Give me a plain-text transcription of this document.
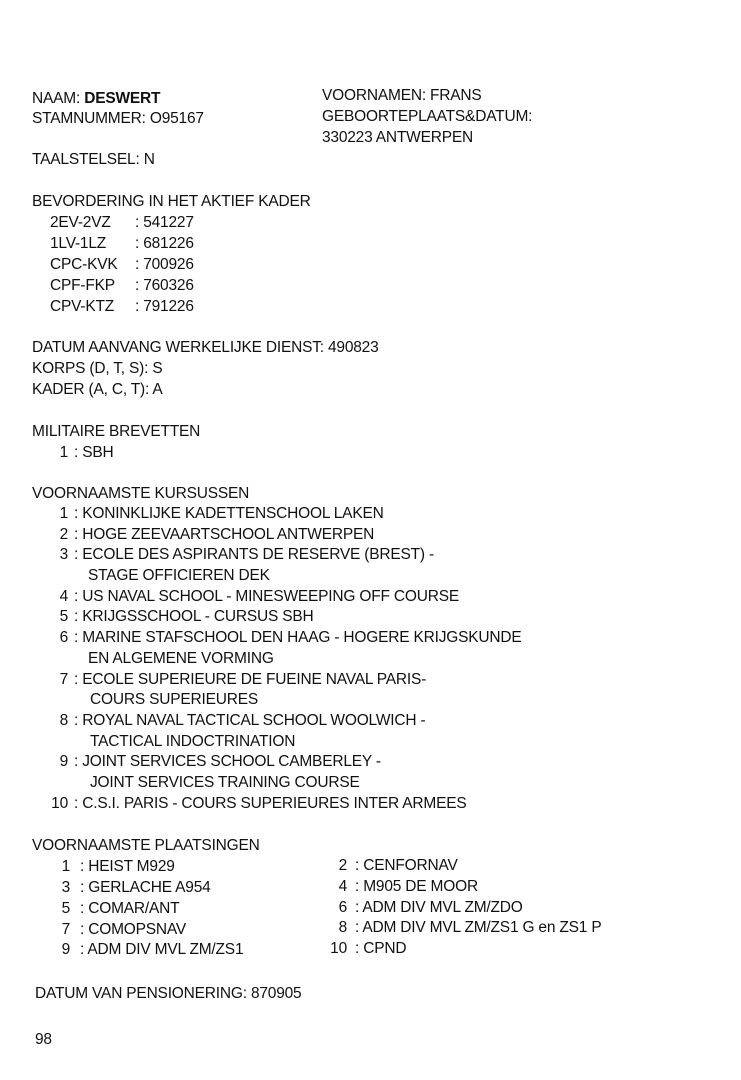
NAAM: DESWERT
STAMNUMMER: O95167
TAALSTELSEL: N
VOORNAMEN: FRANS
GEBOORTEPLAATS&DATUM:
330223 ANTWERPEN
BEVORDERING IN HET AKTIEF KADER
2EV-2VZ : 541227
1LV-1LZ : 681226
CPC-KVK : 700926
CPF-FKP : 760326
CPV-KTZ : 791226
DATUM AANVANG WERKELIJKE DIENST: 490823
KORPS (D, T, S): S
KADER (A, C, T): A
MILITAIRE BREVETTEN
1 : SBH
VOORNAAMSTE KURSUSSEN
1 : KONINKLIJKE KADETTENSCHOOL LAKEN
2 : HOGE ZEEVAARTSCHOOL ANTWERPEN
3 : ECOLE DES ASPIRANTS DE RESERVE (BREST) -
STAGE OFFICIEREN DEK
4 : US NAVAL SCHOOL - MINESWEEPING OFF COURSE
5 : KRIJGSSCHOOL - CURSUS SBH
6 : MARINE STAFSCHOOL DEN HAAG - HOGERE KRIJGSKUNDE
EN ALGEMENE VORMING
7 : ECOLE SUPERIEURE DE FUEINE NAVAL PARIS-
COURS SUPERIEURES
8 : ROYAL NAVAL TACTICAL SCHOOL WOOLWICH -
TACTICAL INDOCTRINATION
9 : JOINT SERVICES SCHOOL CAMBERLEY -
JOINT SERVICES TRAINING COURSE
10 : C.S.I. PARIS - COURS SUPERIEURES INTER ARMEES
VOORNAAMSTE PLAATSINGEN
1 : HEIST M929	2 : CENFORNAV
3 : GERLACHE A954	4 : M905 DE MOOR
5 : COMAR/ANT	6 : ADM DIV MVL ZM/ZDO
7 : COMOPSNAV	8 : ADM DIV MVL ZM/ZS1 G en ZS1 P
9 : ADM DIV MVL ZM/ZS1	10 : CPND
DATUM VAN PENSIONERING: 870905
98
